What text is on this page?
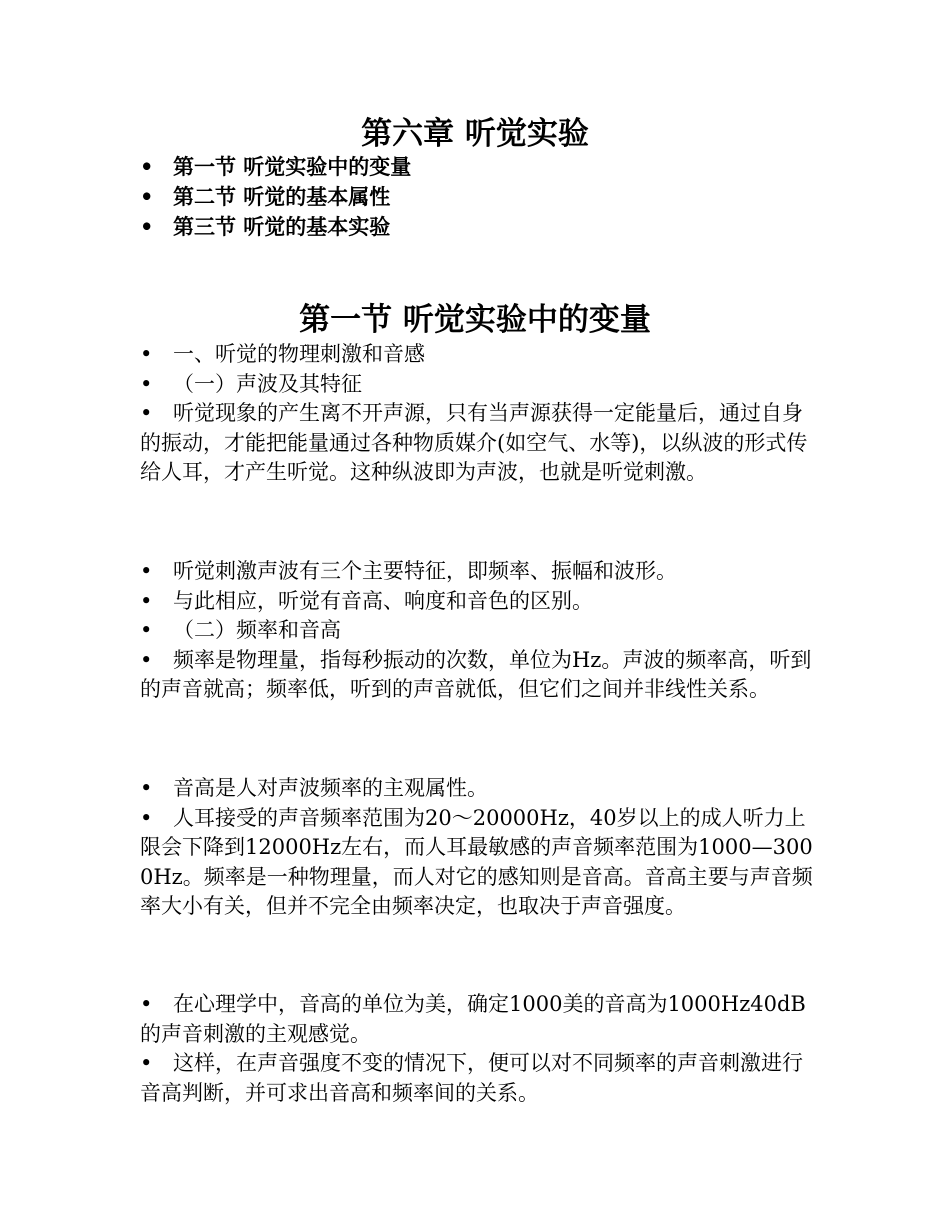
第六章 听觉实验
• 第一节 听觉实验中的变量
• 第二节 听觉的基本属性
• 第三节 听觉的基本实验
第一节 听觉实验中的变量

• 一、听觉的物理刺激和音感

• （一）声波及其特征

• 听觉现象的产生离不开声源，只有当声源获得一定能量后，通过自身的振动，才能把能量通过各种物质媒介(如空气、水等)，以纵波的形式传给人耳，才产生听觉。这种纵波即为声波，也就是听觉刺激。

• 听觉刺激声波有三个主要特征，即频率、振幅和波形。

• 与此相应，听觉有音高、响度和音色的区别。

• （二）频率和音高

• 频率是物理量，指每秒振动的次数，单位为Hz。声波的频率高，听到的声音就高；频率低，听到的声音就低，但它们之间并非线性关系。

• 音高是人对声波频率的主观属性。

• 人耳接受的声音频率范围为20～20000Hz，40岁以上的成人听力上限会下降到12000Hz左右，而人耳最敏感的声音频率范围为1000—3000Hz。频率是一种物理量，而人对它的感知则是音高。音高主要与声音频率大小有关，但并不完全由频率决定，也取决于声音强度。

• 在心理学中，音高的单位为美，确定1000美的音高为1000Hz40dB的声音刺激的主观感觉。

• 这样，在声音强度不变的情况下，便可以对不同频率的声音刺激进行音高判断，并可求出音高和频率间的关系。
